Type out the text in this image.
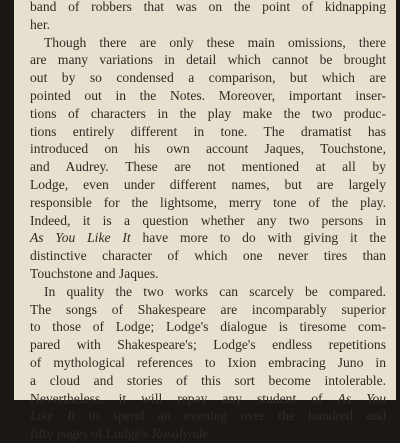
band of robbers that was on the point of kidnapping
her.
Though there are only these main omissions, there
are many variations in detail which cannot be brought
out by so condensed a comparison, but which are
pointed out in the Notes. Moreover, important inser-
tions of characters in the play make the two produc-
tions entirely different in tone. The dramatist has
introduced on his own account Jaques, Touchstone,
and Audrey. These are not mentioned at all by
Lodge, even under different names, but are largely
responsible for the lightsome, merry tone of the play.
Indeed, it is a question whether any two persons in
As You Like It have more to do with giving it the
distinctive character of which one never tires than
Touchstone and Jaques.
In quality the two works can scarcely be compared.
The songs of Shakespeare are incomparably superior
to those of Lodge; Lodge's dialogue is tiresome com-
pared with Shakespeare's; Lodge's endless repetitions
of mythological references to Ixion embracing Juno in
a cloud and stories of this sort become intolerable.
Nevertheless, it will repay any student of As You
Like It to spend an evening over the hundred and
fifty pages of Lodge's Rosalynde.
